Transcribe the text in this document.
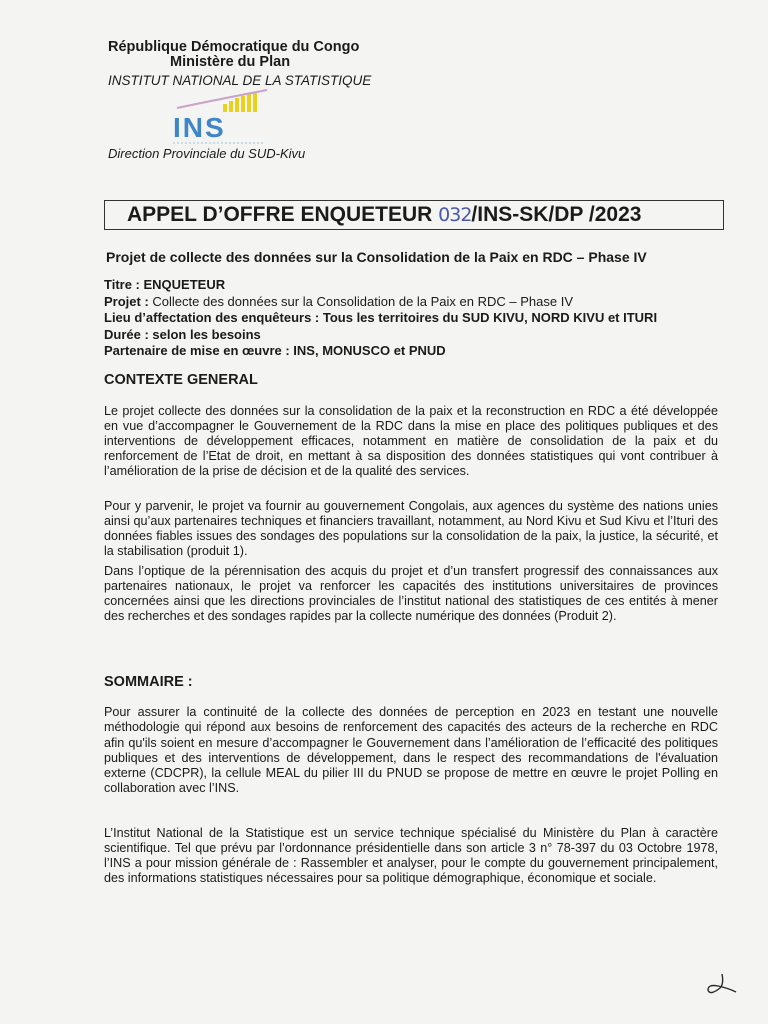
République Démocratique du Congo
Ministère du Plan
INSTITUT NATIONAL DE LA STATISTIQUE
INS
Direction Provinciale du SUD-Kivu
APPEL D’OFFRE ENQUETEUR 032/INS-SK/DP /2023
Projet de collecte des données sur la Consolidation de la Paix en RDC – Phase IV
Titre : ENQUETEUR
Projet : Collecte des données sur la Consolidation de la Paix en RDC – Phase IV
Lieu d’affectation des enquêteurs : Tous les territoires du SUD KIVU, NORD KIVU et ITURI
Durée : selon les besoins
Partenaire de mise en œuvre : INS, MONUSCO et PNUD
CONTEXTE GENERAL

Le projet collecte des données sur la consolidation de la paix et la reconstruction en RDC a été développée en vue d’accompagner le Gouvernement de la RDC dans la mise en place des politiques publiques et des interventions de développement efficaces, notamment en matière de consolidation de la paix et du renforcement de l’Etat de droit, en mettant à sa disposition des données statistiques qui vont contribuer à l’amélioration de la prise de décision et de la qualité des services.

Pour y parvenir, le projet va fournir au gouvernement Congolais, aux agences du système des nations unies ainsi qu’aux partenaires techniques et financiers travaillant, notamment, au Nord Kivu et Sud Kivu et l’Ituri des données fiables issues des sondages des populations sur la consolidation de la paix, la justice, la sécurité, et la stabilisation (produit 1).

Dans l’optique de la pérennisation des acquis du projet et d’un transfert progressif des connaissances aux partenaires nationaux, le projet va renforcer les capacités des institutions universitaires de provinces concernées ainsi que les directions provinciales de l’institut national des statistiques de ces entités à mener des recherches et des sondages rapides par la collecte numérique des données (Produit 2).

SOMMAIRE :

Pour assurer la continuité de la collecte des données de perception en 2023 en testant une nouvelle méthodologie qui répond aux besoins de renforcement des capacités des acteurs de la recherche en RDC afin qu'ils soient en mesure d’accompagner le Gouvernement dans l’amélioration de l’efficacité des politiques publiques et des interventions de développement, dans le respect des recommandations de l'évaluation externe (CDCPR), la cellule MEAL du pilier III du PNUD se propose de mettre en œuvre le projet Polling en collaboration avec l’INS.

L’Institut National de la Statistique est un service technique spécialisé du Ministère du Plan à caractère scientifique. Tel que prévu par l’ordonnance présidentielle dans son article 3 n° 78-397 du 03 Octobre 1978, l’INS a pour mission générale de : Rassembler et analyser, pour le compte du gouvernement principalement, des informations statistiques nécessaires pour sa politique démographique, économique et sociale.
